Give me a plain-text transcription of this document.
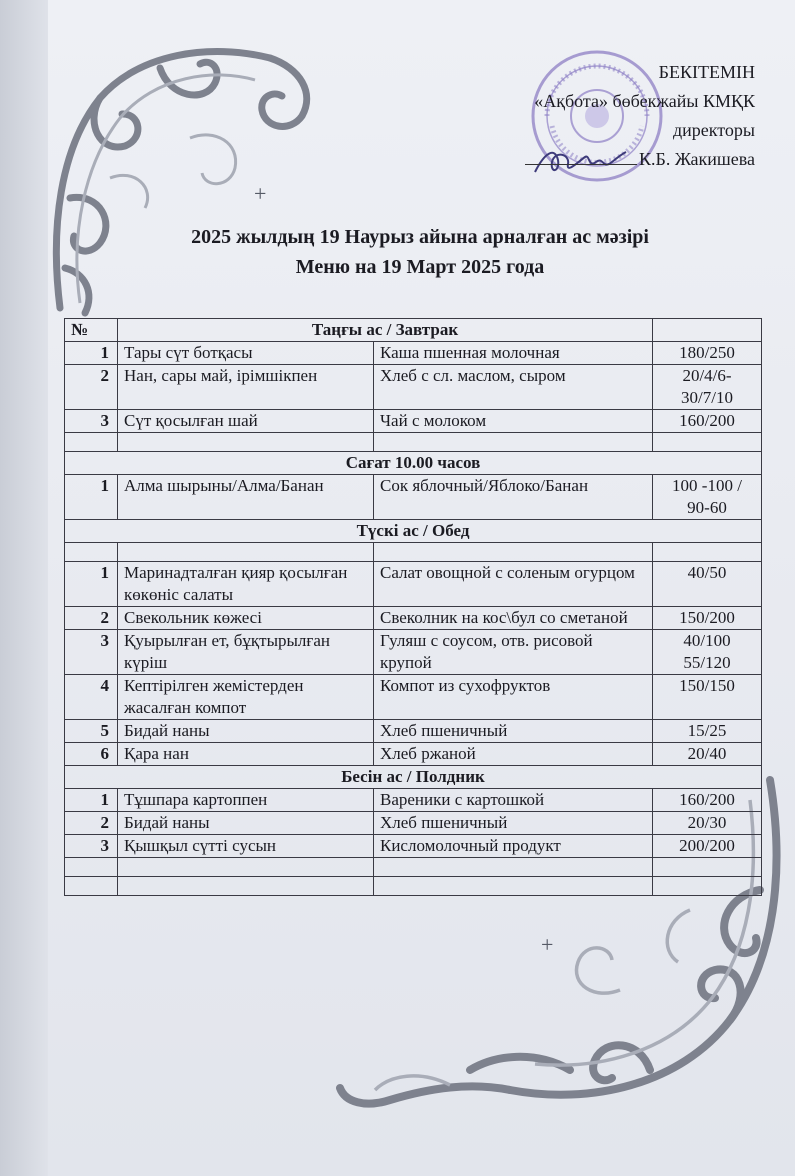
+
+
БЕКІТЕМІН
«Ақбота» бөбекжайы КМҚК
директоры
К.Б. Жакишева
2025 жылдың 19 Наурыз айына арналған ас мәзірі
Меню на 19 Март 2025 года
№	Таңғы ас / Завтрак		
1	Тары сүт ботқасы	Каша пшенная молочная	180/250
2	Нан, сары май, ірімшікпен	Хлеб с сл. маслом, сыром	20/4/6-30/7/10
3	Сүт қосылған шай	Чай с молоком	160/200

Сағат 10.00 часов			
1	Алма шырыны/Алма/Банан	Сок яблочный/Яблоко/Банан	100 -100 / 90-60
Түскі ас / Обед			

1	Маринадталған қияр қосылған көкөніс салаты	Салат овощной с соленым огурцом	40/50
2	Свекольник көжесі	Свеколник на кос\бул со сметаной	150/200
3	Қуырылған ет, бұқтырылған күріш	Гуляш с соусом, отв. рисовой крупой	40/100 55/120
4	Кептірілген жемістерден жасалған компот	Компот из сухофруктов	150/150
5	Бидай наны	Хлеб пшеничный	15/25
6	Қара нан	Хлеб ржаной	20/40
Бесін ас / Полдник			
1	Тұшпара картоппен	Вареники с картошкой	160/200
2	Бидай наны	Хлеб пшеничный	20/30
3	Қышқыл сүтті сусын	Кисломолочный продукт	200/200
